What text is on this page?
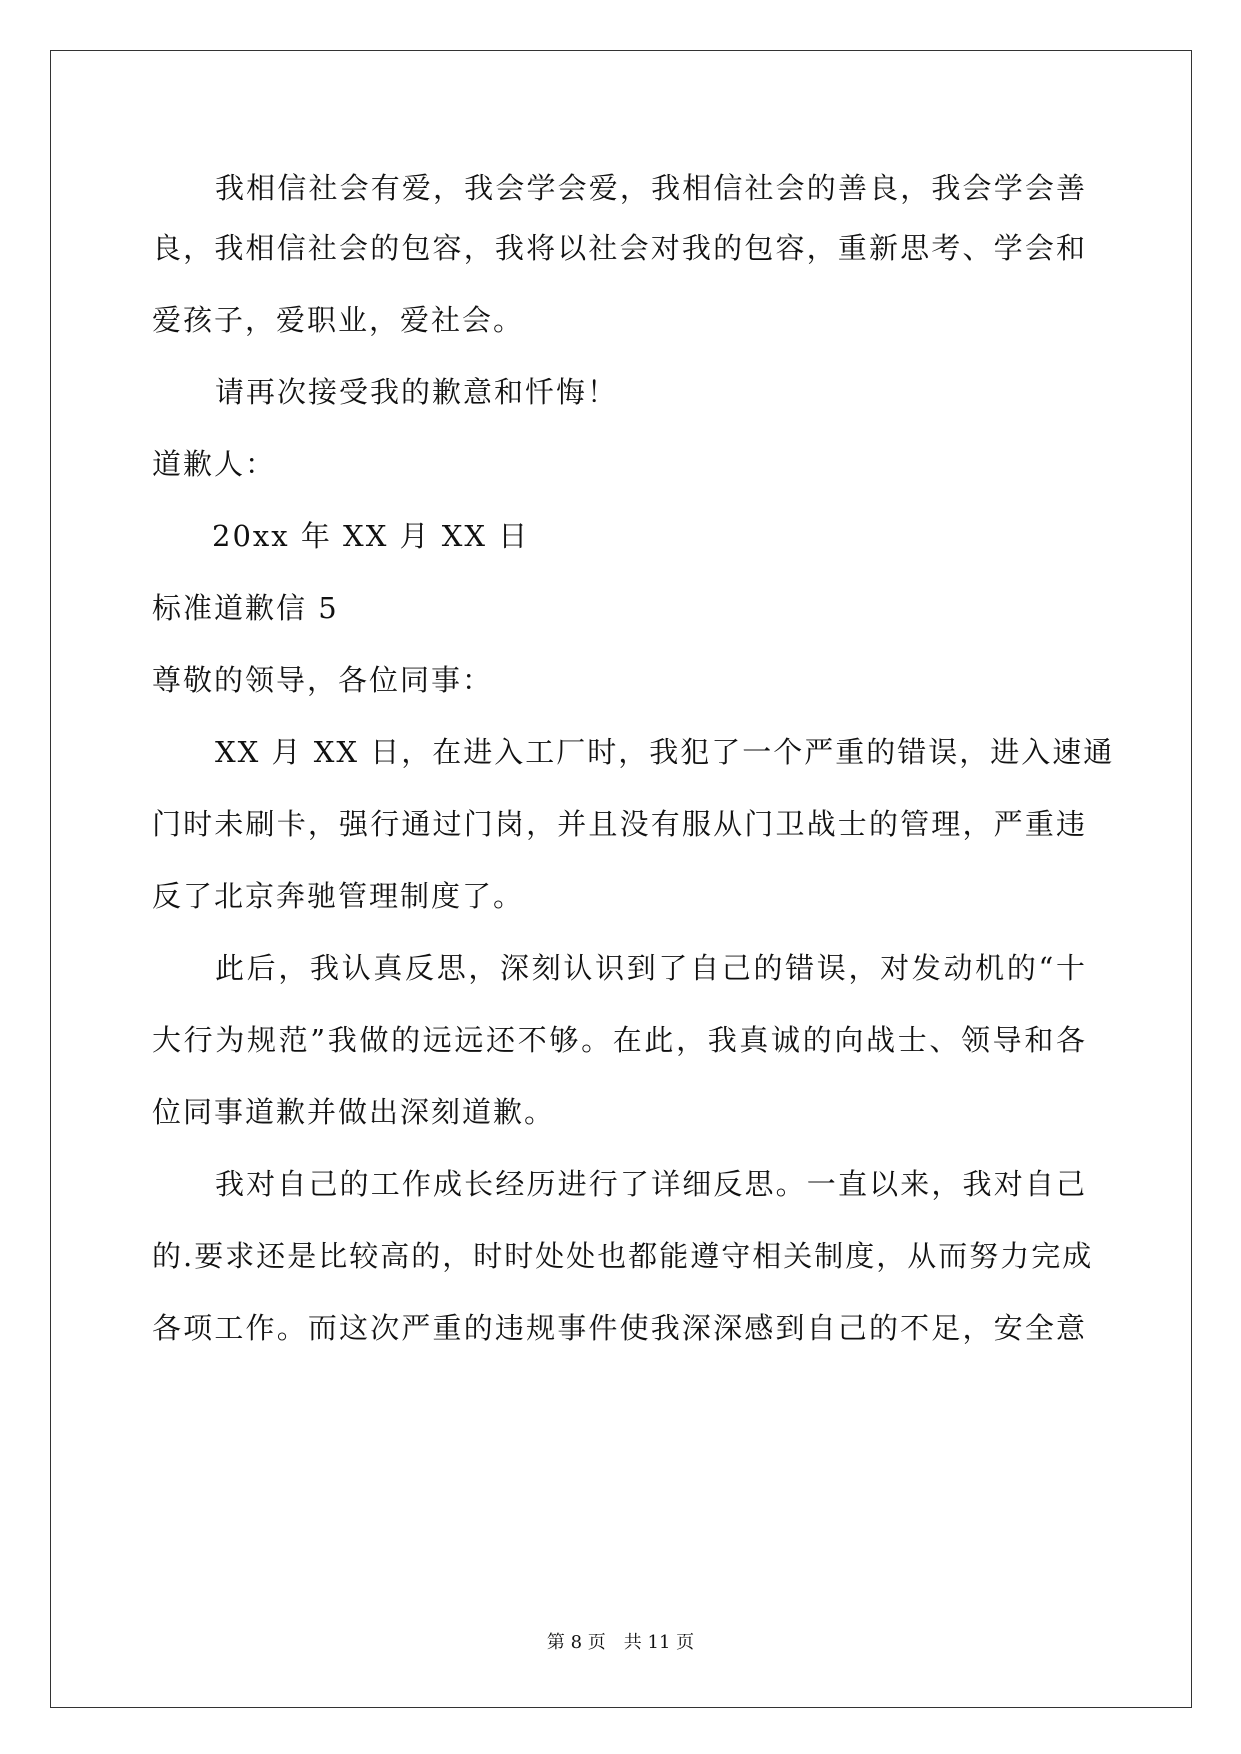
我相信社会有爱，我会学会爱，我相信社会的善良，我会学会善
良，我相信社会的包容，我将以社会对我的包容，重新思考、学会和
爱孩子，爱职业，爱社会。
请再次接受我的歉意和忏悔！
道歉人：
20xx 年 XX 月 XX 日
标准道歉信 5
尊敬的领导，各位同事：
XX 月 XX 日，在进入工厂时，我犯了一个严重的错误，进入速通
门时未刷卡，强行通过门岗，并且没有服从门卫战士的管理，严重违
反了北京奔驰管理制度了。
此后，我认真反思，深刻认识到了自己的错误，对发动机的“十
大行为规范”我做的远远还不够。在此，我真诚的向战士、领导和各
位同事道歉并做出深刻道歉。
我对自己的工作成长经历进行了详细反思。一直以来，我对自己
的.要求还是比较高的，时时处处也都能遵守相关制度，从而努力完成
各项工作。而这次严重的违规事件使我深深感到自己的不足，安全意
第 8 页 共 11 页
